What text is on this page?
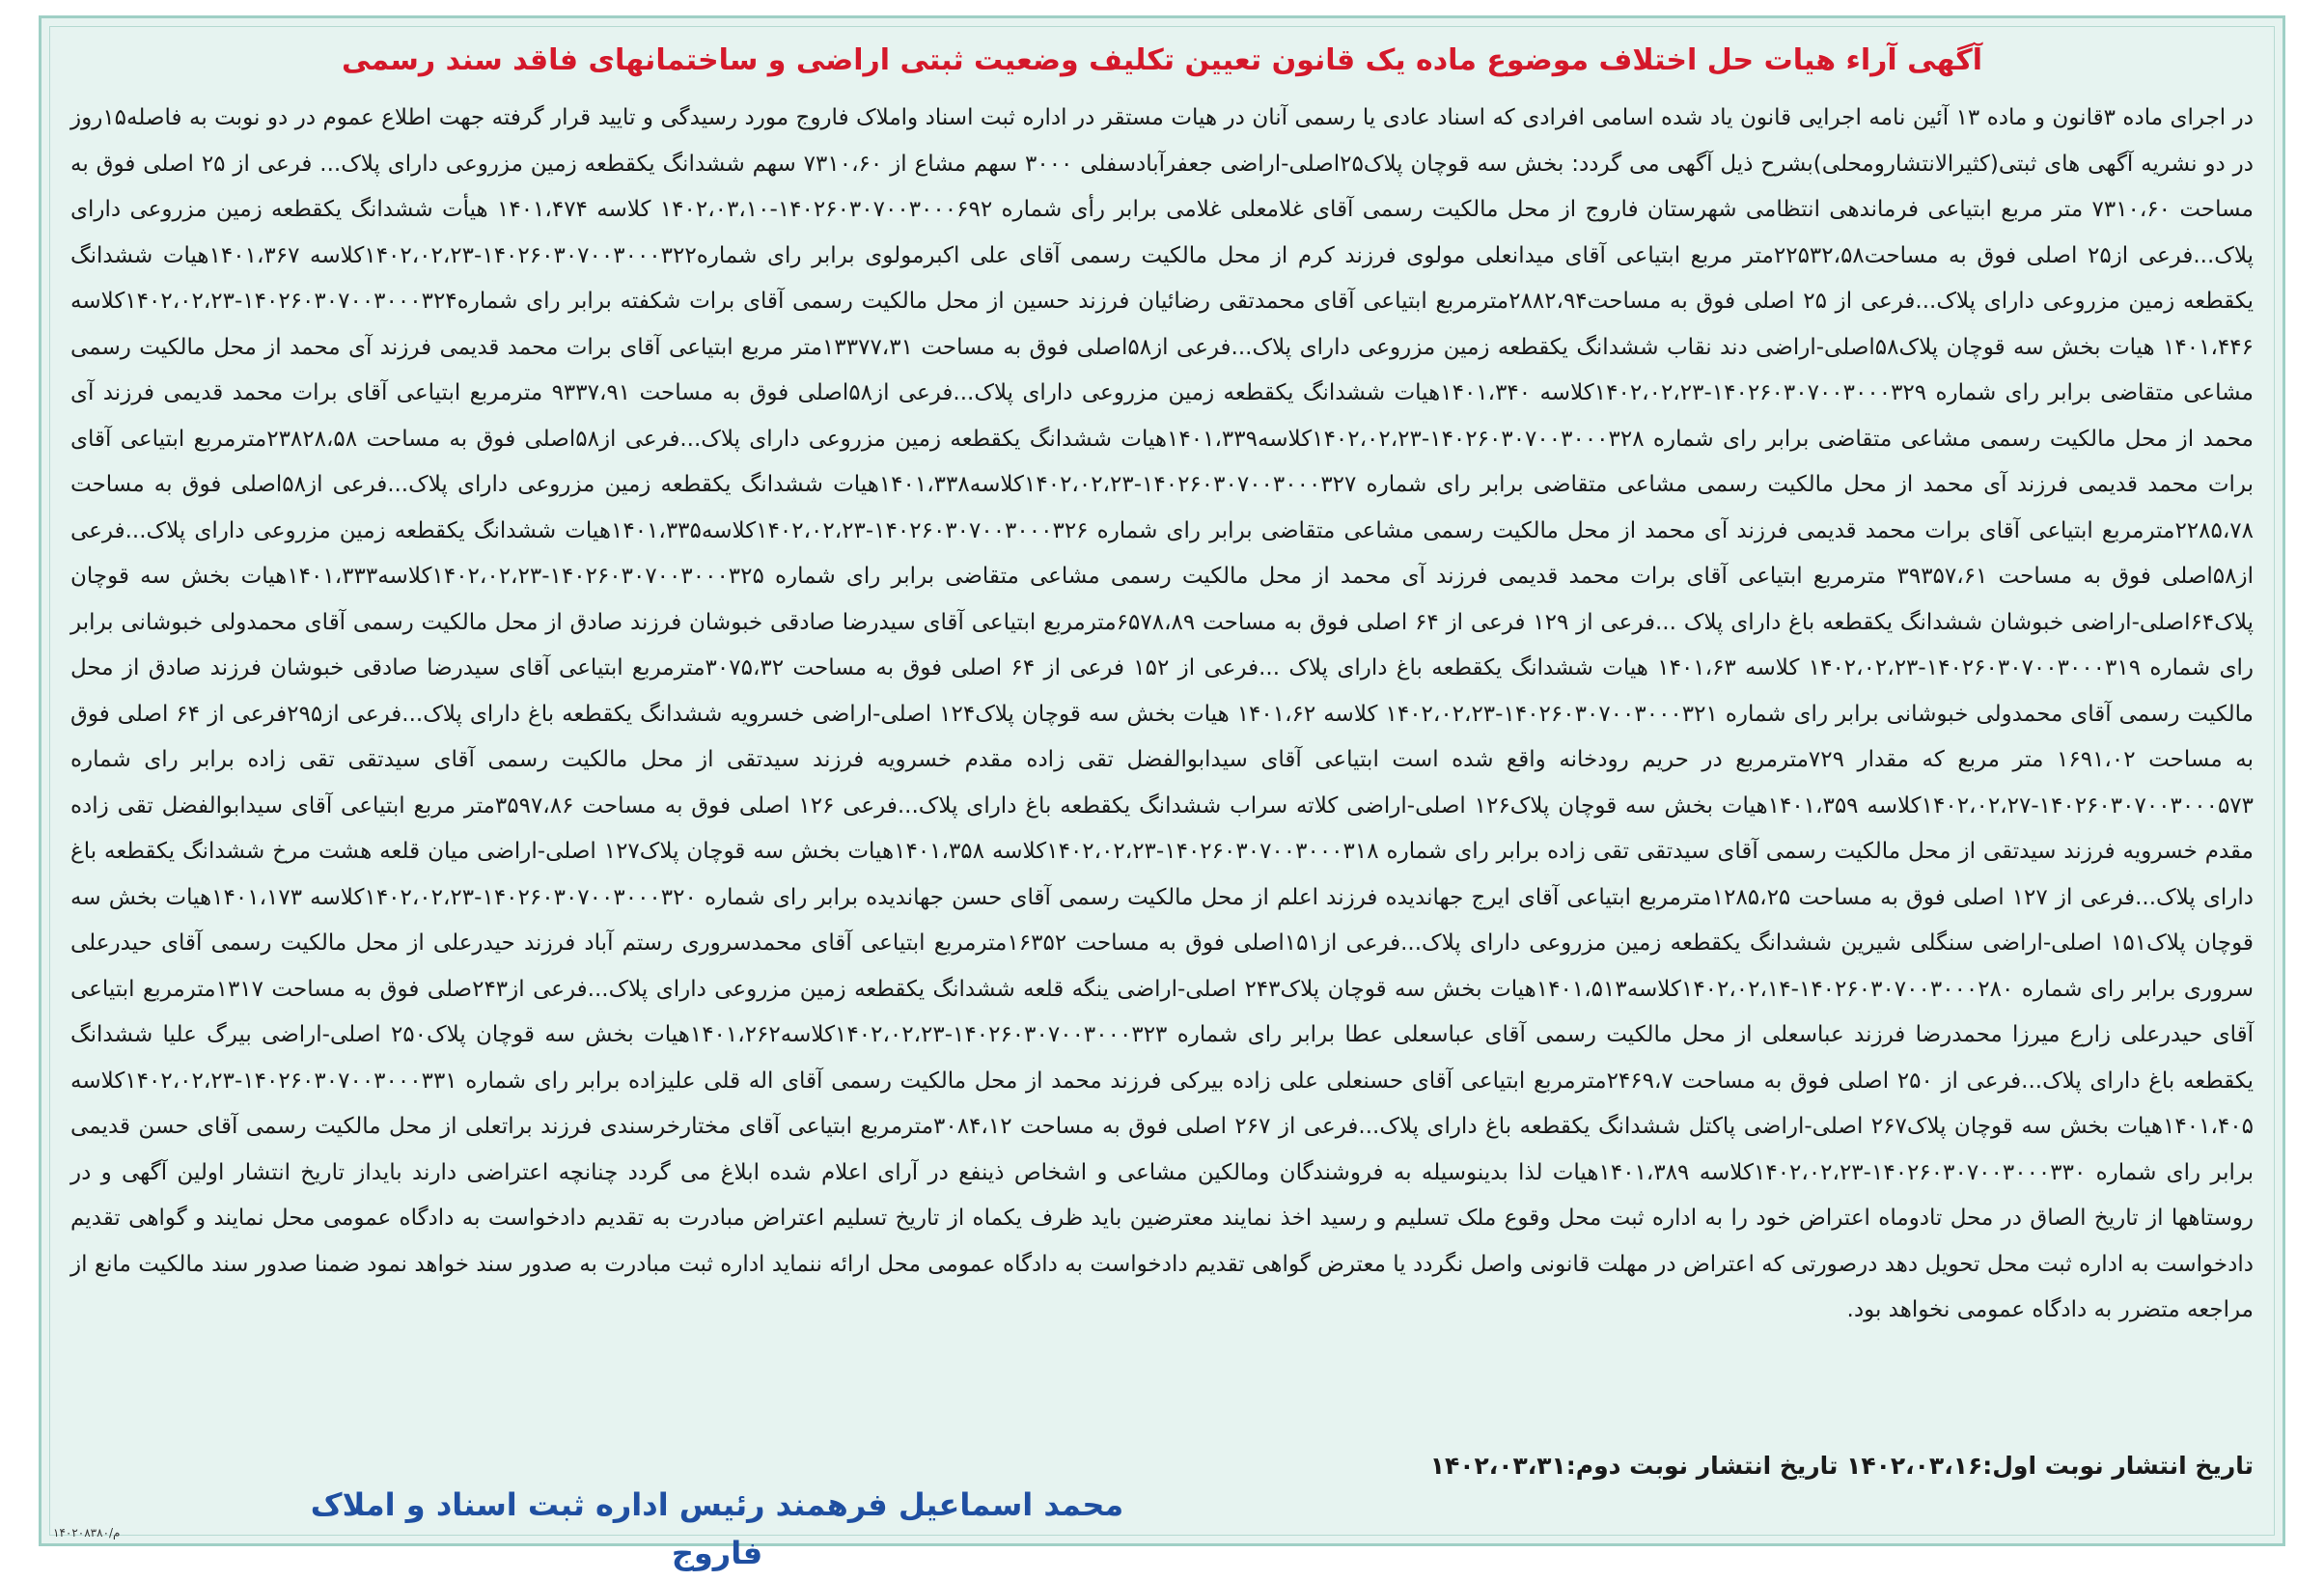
آگهی آراء هیات حل اختلاف موضوع ماده یک قانون تعیین تکلیف وضعیت ثبتی اراضی و ساختمانهای فاقد سند رسمی

در اجرای ماده ۳قانون و ماده ۱۳ آئین نامه اجرایی قانون یاد شده اسامی افرادی که اسناد عادی یا رسمی آنان در هیات مستقر در اداره ثبت اسناد واملاک فاروج مورد رسیدگی و تایید قرار گرفته جهت اطلاع عموم در دو نوبت به فاصله۱۵روز در دو نشریه آگهی های ثبتی(کثیرالانتشارومحلی)بشرح ذیل آگهی می گردد: بخش سه قوچان پلاک۲۵اصلی-اراضی جعفرآبادسفلی ۳۰۰۰ سهم مشاع از ۷۳۱۰،۶۰ سهم ششدانگ یکقطعه زمین مزروعی دارای پلاک... فرعی از ۲۵ اصلی فوق به مساحت ۷۳۱۰،۶۰ متر مربع ابتیاعی فرماندهی انتظامی شهرستان فاروج از محل مالکیت رسمی آقای غلامعلی غلامی برابر رأی شماره ۱۴۰۲۶۰۳۰۷۰۰۳۰۰۰۶۹۲-۱۴۰۲،۰۳،۱۰ کلاسه ۱۴۰۱،۴۷۴ هیأت ششدانگ یکقطعه زمین مزروعی دارای پلاک...فرعی از۲۵ اصلی فوق به مساحت۲۲۵۳۲،۵۸متر مربع ابتیاعی آقای میدانعلی مولوی فرزند کرم از محل مالکیت رسمی آقای علی اکبرمولوی برابر رای شماره۱۴۰۲۶۰۳۰۷۰۰۳۰۰۰۳۲۲-۱۴۰۲،۰۲،۲۳کلاسه ۱۴۰۱،۳۶۷هیات ششدانگ یکقطعه زمین مزروعی دارای پلاک...فرعی از ۲۵ اصلی فوق به مساحت۲۸۸۲،۹۴مترمربع ابتیاعی آقای محمدتقی رضائیان فرزند حسین از محل مالکیت رسمی آقای برات شکفته برابر رای شماره۱۴۰۲۶۰۳۰۷۰۰۳۰۰۰۳۲۴-۱۴۰۲،۰۲،۲۳کلاسه ۱۴۰۱،۴۴۶ هیات بخش سه قوچان پلاک۵۸اصلی-اراضی دند نقاب ششدانگ یکقطعه زمین مزروعی دارای پلاک...فرعی از۵۸اصلی فوق به مساحت ۱۳۳۷۷،۳۱متر مربع ابتیاعی آقای برات محمد قدیمی فرزند آی محمد از محل مالکیت رسمی مشاعی متقاضی برابر رای شماره ۱۴۰۲۶۰۳۰۷۰۰۳۰۰۰۳۲۹-۱۴۰۲،۰۲،۲۳کلاسه ۱۴۰۱،۳۴۰هیات ششدانگ یکقطعه زمین مزروعی دارای پلاک...فرعی از۵۸اصلی فوق به مساحت ۹۳۳۷،۹۱ مترمربع ابتیاعی آقای برات محمد قدیمی فرزند آی محمد از محل مالکیت رسمی مشاعی متقاضی برابر رای شماره ۱۴۰۲۶۰۳۰۷۰۰۳۰۰۰۳۲۸-۱۴۰۲،۰۲،۲۳کلاسه۱۴۰۱،۳۳۹هیات ششدانگ یکقطعه زمین مزروعی دارای پلاک...فرعی از۵۸اصلی فوق به مساحت ۲۳۸۲۸،۵۸مترمربع ابتیاعی آقای برات محمد قدیمی فرزند آی محمد از محل مالکیت رسمی مشاعی متقاضی برابر رای شماره ۱۴۰۲۶۰۳۰۷۰۰۳۰۰۰۳۲۷-۱۴۰۲،۰۲،۲۳کلاسه۱۴۰۱،۳۳۸هیات ششدانگ یکقطعه زمین مزروعی دارای پلاک...فرعی از۵۸اصلی فوق به مساحت ۲۲۸۵،۷۸مترمربع ابتیاعی آقای برات محمد قدیمی فرزند آی محمد از محل مالکیت رسمی مشاعی متقاضی برابر رای شماره ۱۴۰۲۶۰۳۰۷۰۰۳۰۰۰۳۲۶-۱۴۰۲،۰۲،۲۳کلاسه۱۴۰۱،۳۳۵هیات ششدانگ یکقطعه زمین مزروعی دارای پلاک...فرعی از۵۸اصلی فوق به مساحت ۳۹۳۵۷،۶۱ مترمربع ابتیاعی آقای برات محمد قدیمی فرزند آی محمد از محل مالکیت رسمی مشاعی متقاضی برابر رای شماره ۱۴۰۲۶۰۳۰۷۰۰۳۰۰۰۳۲۵-۱۴۰۲،۰۲،۲۳کلاسه۱۴۰۱،۳۳۳هیات بخش سه قوچان پلاک۶۴اصلی-اراضی خبوشان ششدانگ یکقطعه باغ دارای پلاک ...فرعی از ۱۲۹ فرعی از ۶۴ اصلی فوق به مساحت ۶۵۷۸،۸۹مترمربع ابتیاعی آقای سیدرضا صادقی خبوشان فرزند صادق از محل مالکیت رسمی آقای محمدولی خبوشانی برابر رای شماره ۱۴۰۲۶۰۳۰۷۰۰۳۰۰۰۳۱۹-۱۴۰۲،۰۲،۲۳ کلاسه ۱۴۰۱،۶۳ هیات ششدانگ یکقطعه باغ دارای پلاک ...فرعی از ۱۵۲ فرعی از ۶۴ اصلی فوق به مساحت ۳۰۷۵،۳۲مترمربع ابتیاعی آقای سیدرضا صادقی خبوشان فرزند صادق از محل مالکیت رسمی آقای محمدولی خبوشانی برابر رای شماره ۱۴۰۲۶۰۳۰۷۰۰۳۰۰۰۳۲۱-۱۴۰۲،۰۲،۲۳ کلاسه ۱۴۰۱،۶۲ هیات بخش سه قوچان پلاک۱۲۴ اصلی-اراضی خسرویه ششدانگ یکقطعه باغ دارای پلاک...فرعی از۲۹۵فرعی از ۶۴ اصلی فوق به مساحت ۱۶۹۱،۰۲ متر مربع که مقدار ۷۲۹مترمربع در حریم رودخانه واقع شده است ابتیاعی آقای سیدابوالفضل تقی زاده مقدم خسرویه فرزند سیدتقی از محل مالکیت رسمی آقای سیدتقی تقی زاده برابر رای شماره ۱۴۰۲۶۰۳۰۷۰۰۳۰۰۰۵۷۳-۱۴۰۲،۰۲،۲۷کلاسه ۱۴۰۱،۳۵۹هیات بخش سه قوچان پلاک۱۲۶ اصلی-اراضی کلاته سراب ششدانگ یکقطعه باغ دارای پلاک...فرعی ۱۲۶ اصلی فوق به مساحت ۳۵۹۷،۸۶متر مربع ابتیاعی آقای سیدابوالفضل تقی زاده مقدم خسرویه فرزند سیدتقی از محل مالکیت رسمی آقای سیدتقی تقی زاده برابر رای شماره ۱۴۰۲۶۰۳۰۷۰۰۳۰۰۰۳۱۸-۱۴۰۲،۰۲،۲۳کلاسه ۱۴۰۱،۳۵۸هیات بخش سه قوچان پلاک۱۲۷ اصلی-اراضی میان قلعه هشت مرخ ششدانگ یکقطعه باغ دارای پلاک...فرعی از ۱۲۷ اصلی فوق به مساحت ۱۲۸۵،۲۵مترمربع ابتیاعی آقای ایرج جهاندیده فرزند اعلم از محل مالکیت رسمی آقای حسن جهاندیده برابر رای شماره ۱۴۰۲۶۰۳۰۷۰۰۳۰۰۰۳۲۰-۱۴۰۲،۰۲،۲۳کلاسه ۱۴۰۱،۱۷۳هیات بخش سه قوچان پلاک۱۵۱ اصلی-اراضی سنگلی شیرین ششدانگ یکقطعه زمین مزروعی دارای پلاک...فرعی از۱۵۱اصلی فوق به مساحت ۱۶۳۵۲مترمربع ابتیاعی آقای محمدسروری رستم آباد فرزند حیدرعلی از محل مالکیت رسمی آقای حیدرعلی سروری برابر رای شماره ۱۴۰۲۶۰۳۰۷۰۰۳۰۰۰۲۸۰-۱۴۰۲،۰۲،۱۴کلاسه۱۴۰۱،۵۱۳هیات بخش سه قوچان پلاک۲۴۳ اصلی-اراضی ینگه قلعه ششدانگ یکقطعه زمین مزروعی دارای پلاک...فرعی از۲۴۳صلی فوق به مساحت ۱۳۱۷مترمربع ابتیاعی آقای حیدرعلی زارع میرزا محمدرضا فرزند عباسعلی از محل مالکیت رسمی آقای عباسعلی عطا برابر رای شماره ۱۴۰۲۶۰۳۰۷۰۰۳۰۰۰۳۲۳-۱۴۰۲،۰۲،۲۳کلاسه۱۴۰۱،۲۶۲هیات بخش سه قوچان پلاک۲۵۰ اصلی-اراضی بیرگ علیا ششدانگ یکقطعه باغ دارای پلاک...فرعی از ۲۵۰ اصلی فوق به مساحت ۲۴۶۹،۷مترمربع ابتیاعی آقای حسنعلی علی زاده بیرکی فرزند محمد از محل مالکیت رسمی آقای اله قلی علیزاده برابر رای شماره ۱۴۰۲۶۰۳۰۷۰۰۳۰۰۰۳۳۱-۱۴۰۲،۰۲،۲۳کلاسه ۱۴۰۱،۴۰۵هیات بخش سه قوچان پلاک۲۶۷ اصلی-اراضی پاکتل ششدانگ یکقطعه باغ دارای پلاک...فرعی از ۲۶۷ اصلی فوق به مساحت ۳۰۸۴،۱۲مترمربع ابتیاعی آقای مختارخرسندی فرزند براتعلی از محل مالکیت رسمی آقای حسن قدیمی برابر رای شماره ۱۴۰۲۶۰۳۰۷۰۰۳۰۰۰۳۳۰-۱۴۰۲،۰۲،۲۳کلاسه ۱۴۰۱،۳۸۹هیات لذا بدینوسیله به فروشندگان ومالکین مشاعی و اشخاص ذینفع در آرای اعلام شده ابلاغ می گردد چنانچه اعتراضی دارند بایداز تاریخ انتشار اولین آگهی و در روستاهها از تاریخ الصاق در محل تادوماه اعتراض خود را به اداره ثبت محل وقوع ملک تسلیم و رسید اخذ نمایند معترضین باید ظرف یکماه از تاریخ تسلیم اعتراض مبادرت به تقدیم دادخواست به دادگاه عمومی محل نمایند و گواهی تقدیم دادخواست به اداره ثبت محل تحویل دهد درصورتی که اعتراض در مهلت قانونی واصل نگردد یا معترض گواهی تقدیم دادخواست به دادگاه عمومی محل ارائه ننماید اداره ثبت مبادرت به صدور سند خواهد نمود ضمنا صدور سند مالکیت مانع از مراجعه متضرر به دادگاه عمومی نخواهد بود.

تاریخ انتشار نوبت اول:۱۴۰۲،۰۳،۱۶ تاریخ انتشار نوبت دوم:۱۴۰۲،۰۳،۳۱
محمد اسماعیل فرهمند رئیس اداره ثبت اسناد و املاک فاروج
م/۱۴۰۲۰۸۳۸۰
